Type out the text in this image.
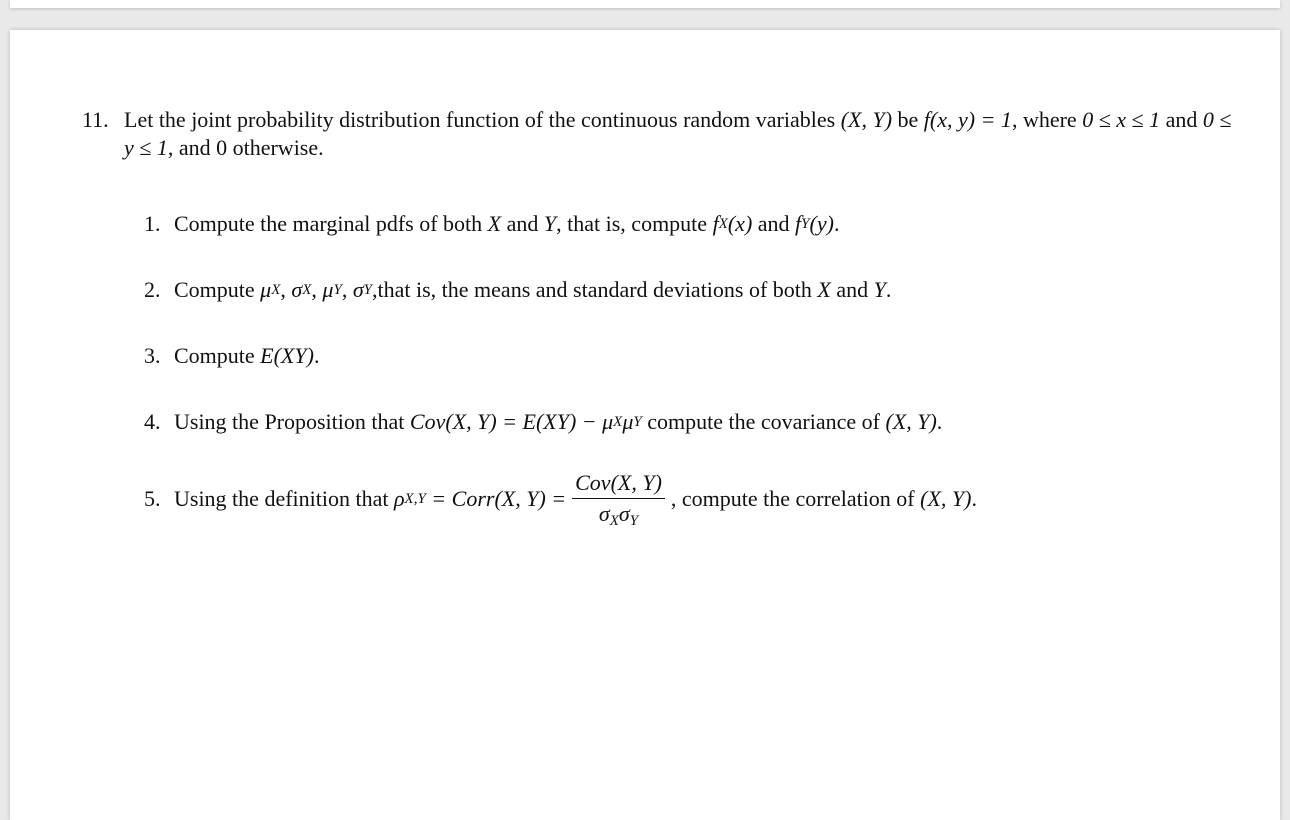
11. Let the joint probability distribution function of the continuous random variables (X, Y) be f(x, y) = 1, where 0 ≤ x ≤ 1 and 0 ≤ y ≤ 1, and 0 otherwise.
1. Compute the marginal pdfs of both
X
and
Y , that is, compute
f X (x)
and
f Y (y) .
2. Compute
μ X ,
σ X ,
μ Y ,
σ Y ,that is, the means and standard deviations of both
X
and
Y .
3. Compute
E(XY) .
4. Using the Proposition that
Cov(X, Y) = E(XY) − μ X μ Y
compute the covariance of
(X, Y) .
5. Using the definition that
ρ X,Y
= Corr(X, $Y) = \frac{\text{Cov(X, Y)}}{\sigma_X\sigma_Y}$ , compute the correlation of
(X, Y) .
